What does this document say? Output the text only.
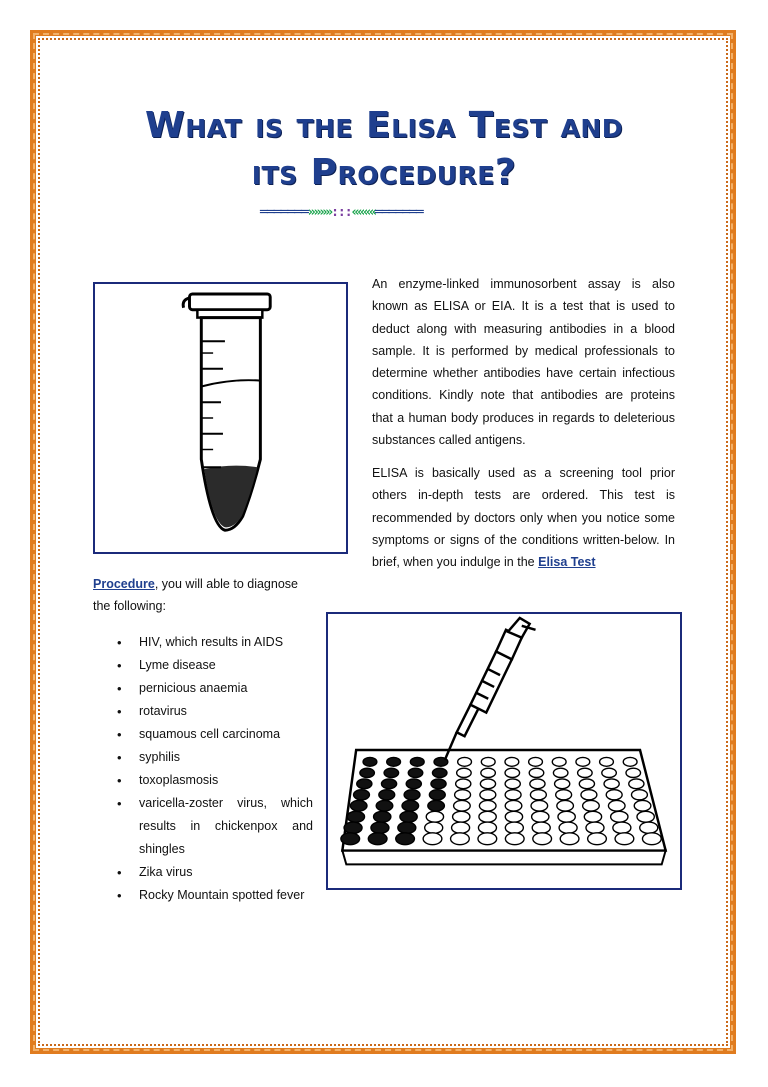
What is the Elisa Test and
its Procedure?
═══════»»»»:::««««═══════

An enzyme-linked immunosorbent assay is also known as ELISA or EIA. It is a test that is used to deduct along with measuring antibodies in a blood sample. It is performed by medical professionals to determine whether antibodies have certain infectious conditions. Kindly note that antibodies are proteins that a human body produces in regards to deleterious substances called antigens.

ELISA is basically used as a screening tool prior others in-depth tests are ordered. This test is recommended by doctors only when you notice some symptoms or signs of the conditions written-below. In brief, when you indulge in the Elisa Test

Procedure, you will able to diagnose the following:

• HIV, which results in AIDS
• Lyme disease
• pernicious anaemia
• rotavirus
• squamous cell carcinoma
• syphilis
• toxoplasmosis
• varicella-zoster virus, which results in chickenpox and shingles
• Zika virus
• Rocky Mountain spotted fever
